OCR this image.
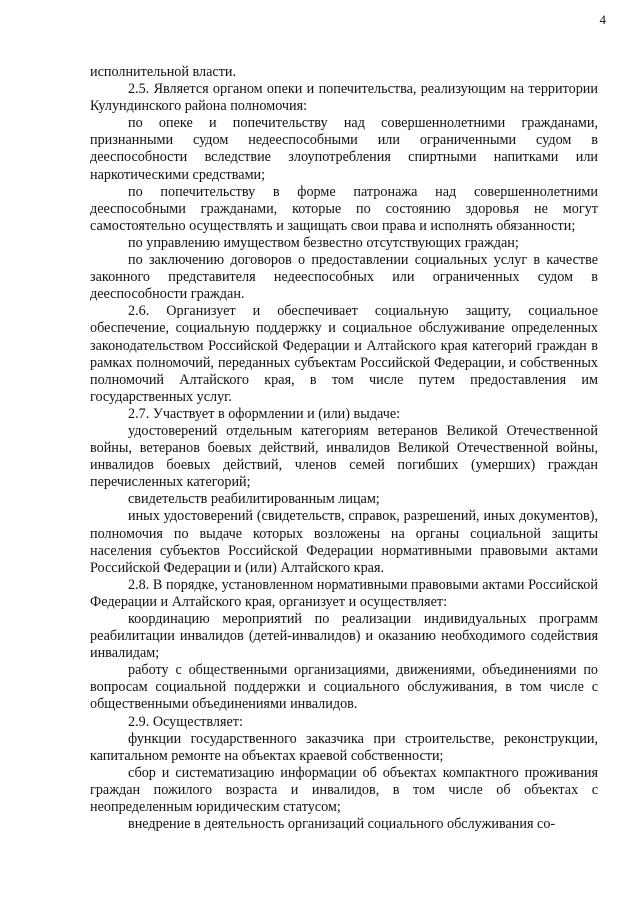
4

исполнительной власти.

2.5. Является органом опеки и попечительства, реализующим на территории Кулундинского района полномочия:

по опеке и попечительству над совершеннолетними гражданами, признанными судом недееспособными или ограниченными судом в дееспособности вследствие злоупотребления спиртными напитками или наркотическими средствами;

по попечительству в форме патронажа над совершеннолетними дееспособными гражданами, которые по состоянию здоровья не могут самостоятельно осуществлять и защищать свои права и исполнять обязанности;

по управлению имуществом безвестно отсутствующих граждан;

по заключению договоров о предоставлении социальных услуг в качестве законного представителя недееспособных или ограниченных судом в дееспособности граждан.

2.6. Организует и обеспечивает социальную защиту, социальное обеспечение, социальную поддержку и социальное обслуживание определенных законодательством Российской Федерации и Алтайского края категорий граждан в рамках полномочий, переданных субъектам Российской Федерации, и собственных полномочий Алтайского края, в том числе путем предоставления им государственных услуг.

2.7. Участвует в оформлении и (или) выдаче:

удостоверений отдельным категориям ветеранов Великой Отечественной войны, ветеранов боевых действий, инвалидов Великой Отечественной войны, инвалидов боевых действий, членов семей погибших (умерших) граждан перечисленных категорий;

свидетельств реабилитированным лицам;

иных удостоверений (свидетельств, справок, разрешений, иных документов), полномочия по выдаче которых возложены на органы социальной защиты населения субъектов Российской Федерации нормативными правовыми актами Российской Федерации и (или) Алтайского края.

2.8. В порядке, установленном нормативными правовыми актами Российской Федерации и Алтайского края, организует и осуществляет:

координацию мероприятий по реализации индивидуальных программ реабилитации инвалидов (детей-инвалидов) и оказанию необходимого содействия инвалидам;

работу с общественными организациями, движениями, объединениями по вопросам социальной поддержки и социального обслуживания, в том числе с общественными объединениями инвалидов.

2.9. Осуществляет:

функции государственного заказчика при строительстве, реконструкции, капитальном ремонте на объектах краевой собственности;

сбор и систематизацию информации об объектах компактного проживания граждан пожилого возраста и инвалидов, в том числе об объектах с неопределенным юридическим статусом;

внедрение в деятельность организаций социального обслуживания со-
